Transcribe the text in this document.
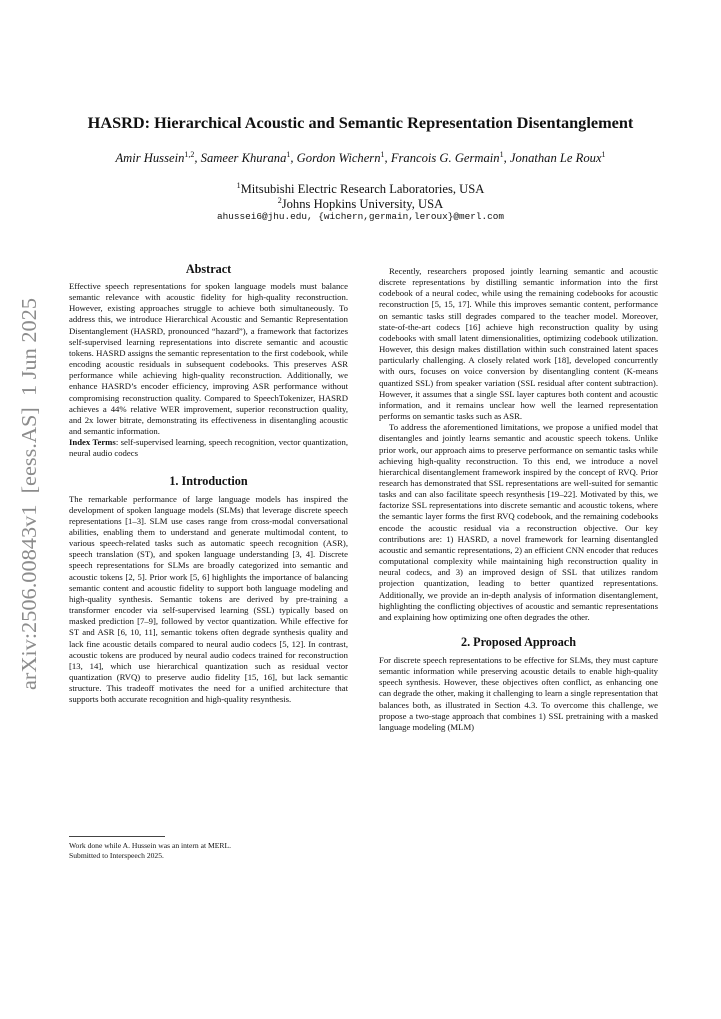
arXiv:2506.00843v1  [eess.AS]  1 Jun 2025
HASRD: Hierarchical Acoustic and Semantic Representation Disentanglement
Amir Hussein$^{1,2}$, Sameer Khurana$^1$, Gordon Wichern$^1$, Francois G. Germain$^1$, Jonathan Le Roux$^1$
$^1$Mitsubishi Electric Research Laboratories, USA
$^2$Johns Hopkins University, USA
ahussei6@jhu.edu, {wichern,germain,leroux}@merl.com
Abstract

Effective speech representations for spoken language models must balance semantic relevance with acoustic fidelity for high-quality reconstruction. However, existing approaches struggle to achieve both simultaneously. To address this, we introduce Hierarchical Acoustic and Semantic Representation Disentanglement (HASRD, pronounced “hazard”), a framework that factorizes self-supervised learning representations into discrete semantic and acoustic tokens. HASRD assigns the semantic representation to the first codebook, while encoding acoustic residuals in subsequent codebooks. This preserves ASR performance while achieving high-quality reconstruction. Additionally, we enhance HASRD’s encoder efficiency, improving ASR performance without compromising reconstruction quality. Compared to SpeechTokenizer, HASRD achieves a 44% relative WER improvement, superior reconstruction quality, and 2x lower bitrate, demonstrating its effectiveness in disentangling acoustic and semantic information.

Index Terms: self-supervised learning, speech recognition, vector quantization, neural audio codecs

1. Introduction

The remarkable performance of large language models has inspired the development of spoken language models (SLMs) that leverage discrete speech representations [1–3]. SLM use cases range from cross-modal conversational abilities, enabling them to understand and generate multimodal content, to various speech-related tasks such as automatic speech recognition (ASR), speech translation (ST), and spoken language understanding [3, 4]. Discrete speech representations for SLMs are broadly categorized into semantic and acoustic tokens [2, 5]. Prior work [5, 6] highlights the importance of balancing semantic content and acoustic fidelity to support both language modeling and high-quality synthesis. Semantic tokens are derived by pre-training a transformer encoder via self-supervised learning (SSL) typically based on masked prediction [7–9], followed by vector quantization. While effective for ST and ASR [6, 10, 11], semantic tokens often degrade synthesis quality and lack fine acoustic details compared to neural audio codecs [5, 12]. In contrast, acoustic tokens are produced by neural audio codecs trained for reconstruction [13, 14], which use hierarchical quantization such as residual vector quantization (RVQ) to preserve audio fidelity [15, 16], but lack semantic structure. This tradeoff motivates the need for a unified architecture that supports both accurate recognition and high-quality resynthesis.

Work done while A. Hussein was an intern at MERL.
Submitted to Interspeech 2025.

Recently, researchers proposed jointly learning semantic and acoustic discrete representations by distilling semantic information into the first codebook of a neural codec, while using the remaining codebooks for acoustic reconstruction [5, 15, 17]. While this improves semantic content, performance on semantic tasks still degrades compared to the teacher model. Moreover, state-of-the-art codecs [16] achieve high reconstruction quality by using codebooks with small latent dimensionalities, optimizing codebook utilization. However, this design makes distillation within such constrained latent spaces particularly challenging. A closely related work [18], developed concurrently with ours, focuses on voice conversion by disentangling content (K-means quantized SSL) from speaker variation (SSL residual after content subtraction). However, it assumes that a single SSL layer captures both content and acoustic information, and it remains unclear how well the learned representation performs on semantic tasks such as ASR.

To address the aforementioned limitations, we propose a unified model that disentangles and jointly learns semantic and acoustic speech tokens. Unlike prior work, our approach aims to preserve performance on semantic tasks while achieving high-quality reconstruction. To this end, we introduce a novel hierarchical disentanglement framework inspired by the concept of RVQ. Prior research has demonstrated that SSL representations are well-suited for semantic tasks and can also facilitate speech resynthesis [19–22]. Motivated by this, we factorize SSL representations into discrete semantic and acoustic tokens, where the semantic layer forms the first RVQ codebook, and the remaining codebooks encode the acoustic residual via a reconstruction objective. Our key contributions are: 1) HASRD, a novel framework for learning disentangled acoustic and semantic representations, 2) an efficient CNN encoder that reduces computational complexity while maintaining high reconstruction quality in neural codecs, and 3) an improved design of SSL that utilizes random projection quantization, leading to better quantized representations. Additionally, we provide an in-depth analysis of information disentanglement, highlighting the conflicting objectives of acoustic and semantic representations and explaining how optimizing one often degrades the other.

2. Proposed Approach

For discrete speech representations to be effective for SLMs, they must capture semantic information while preserving acoustic details to enable high-quality speech synthesis. However, these objectives often conflict, as enhancing one can degrade the other, making it challenging to learn a single representation that balances both, as illustrated in Section 4.3. To overcome this challenge, we propose a two-stage approach that combines 1) SSL pretraining with a masked language modeling (MLM)
